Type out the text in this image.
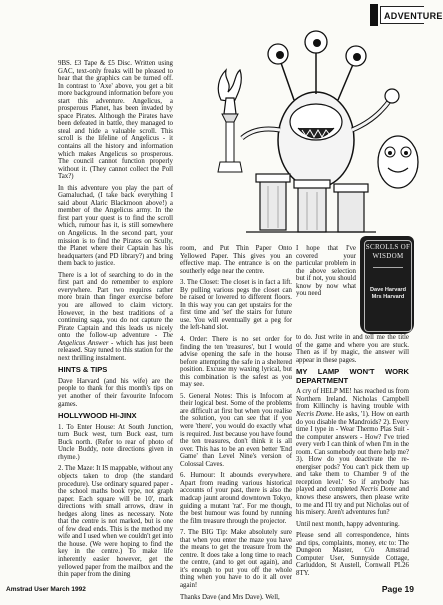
ADVENTURE

9BS. £3 Tape & £5 Disc. Written using GAC, text-only freaks will be pleased to hear that the graphics can be turned off. In contrast to 'Axe' above, you get a bit more background information before you start this adventure. Angelicus, a prosperous Planet, has been invaded by space Pirates. Although the Pirates have been defeated in battle, they managed to steal and hide a valuable scroll. This scroll is the lifeline of Angelicus - it contains all the history and information which makes Angelicus so prosperous. The council cannot function properly without it. (They cannot collect the Poll Tax?)

In this adventure you play the part of Gamaluchad, (I take back everything I said about Alaric Blackmoon above!) a member of the Angelicus army. In the first part your quest is to find the scroll which, rumour has it, is still somewhere on Angelicus. In the second part, your mission is to find the Pirates on Scully, the Planet where their Captain has his headquarters (and PD library?) and bring them back to justice.

There is a lot of searching to do in the first part and do remember to explore everywhere. Part two requires rather more brain than finger exercise before you are allowed to claim victory. However, in the best traditions of a continuing saga, you do not capture the Pirate Captain and this leads us nicely onto the follow-up adventure - The Angelicus Answer - which has just been released. Stay tuned to this station for the next thrilling instalment.

HINTS & TIPS

Dave Harvard (and his wife) are the people to thank for this month's tips on yet another of their favourite Infocom games.

HOLLYWOOD HI-JINX

1. To Enter House: At South Junction, turn Buck west, turn Buck east, turn Buck north. (Refer to rear of photo of Uncle Buddy, note directions given in rhyme.)

2. The Maze: It IS mappable, without any objects taken to drop (the standard procedure). Use ordinary squared paper - the school maths book type, not graph paper. Each square will be 10', mark directions with small arrows, draw in hedges along lines as necessary. Note that the centre is not marked, but is one of few dead ends. This is the method my wife and I used when we couldn't get into the house. (We were hoping to find the key in the centre.) To make life inherently easier however, get the yellowed paper from the mailbox and the thin paper from the dining

room, and Put Thin Paper Onto Yellowed Paper. This gives you an effective map. The entrance is on the southerly edge near the centre.

3. The Closet: The closet is in fact a lift. By pulling various pegs the closet can be raised or lowered to different floors. In this way you can get upstairs for the first time and 'set' the stairs for future use. You will eventually get a peg for the left-hand slot.

4. Order: There is no set order for finding the ten 'treasures', but I would advise opening the safe in the house before attempting the safe in a sheltered position. Excuse my waxing lyrical, but this combination is the safest as you may see.

5. General Notes: This is Infocom at their logical best. Some of the problems are difficult at first but when you realise the solution, you can see that if you were 'there', you would do exactly what is required. Just because you have found the ten treasures, don't think it is all over. This has to be an even better 'End Game' than Level Nine's version of Colossal Caves.

6. Humour: It abounds everywhere. Apart from reading various historical accounts of your past, there is also the madcap jaunt around downtown Tokyo, guiding a mutant 'rat'. For me though, the best humour was found by running the film treasure through the projector.

7. The BIG Tip: Make absolutely sure that when you enter the maze you have the means to get the treasure from the centre. It does take a long time to reach the centre, (and to get out again), and it's enough to put you off the whole thing when you have to do it all over again!

Thanks Dave (and Mrs Dave). Well,

I hope that I've covered your particular problem in the above selection but if not, you should know by now what you need

SCROLLS OF WISDOM
Dave Harvard Mrs Harvard

to do. Just write in and tell me the title of the game and where you are stuck. Then as if by magic, the answer will appear in these pages.

MY LAMP WON'T WORK DEPARTMENT

A cry of HELP ME! has reached us from Northern Ireland. Nicholas Campbell from Killinchy is having trouble with Necris Dome. He asks, '1). How on earth do you disable the Mandroids? 2). Every time I type in - Wear Thermo Plas Suit - the computer answers - How? I've tried every verb I can think of when I'm in the room. Can somebody out there help me? 3). How do you deactivate the re-energiser pods? You can't pick them up and take them to Chamber 9 of the reception level.' So if anybody has played and completed Necris Dome and knows these answers, then please write to me and I'll try and put Nicholas out of his misery. Aren't adventures fun?

Until next month, happy adventuring.

Please send all correspondence, hints and tips, complaints, money, etc to: The Dungeon Master, C/o Amstrad Computer User, Sunnyside Cottage, Carluddon, St Austell, Cornwall PL26 8TY.

Amstrad User March 1992	Page 19
